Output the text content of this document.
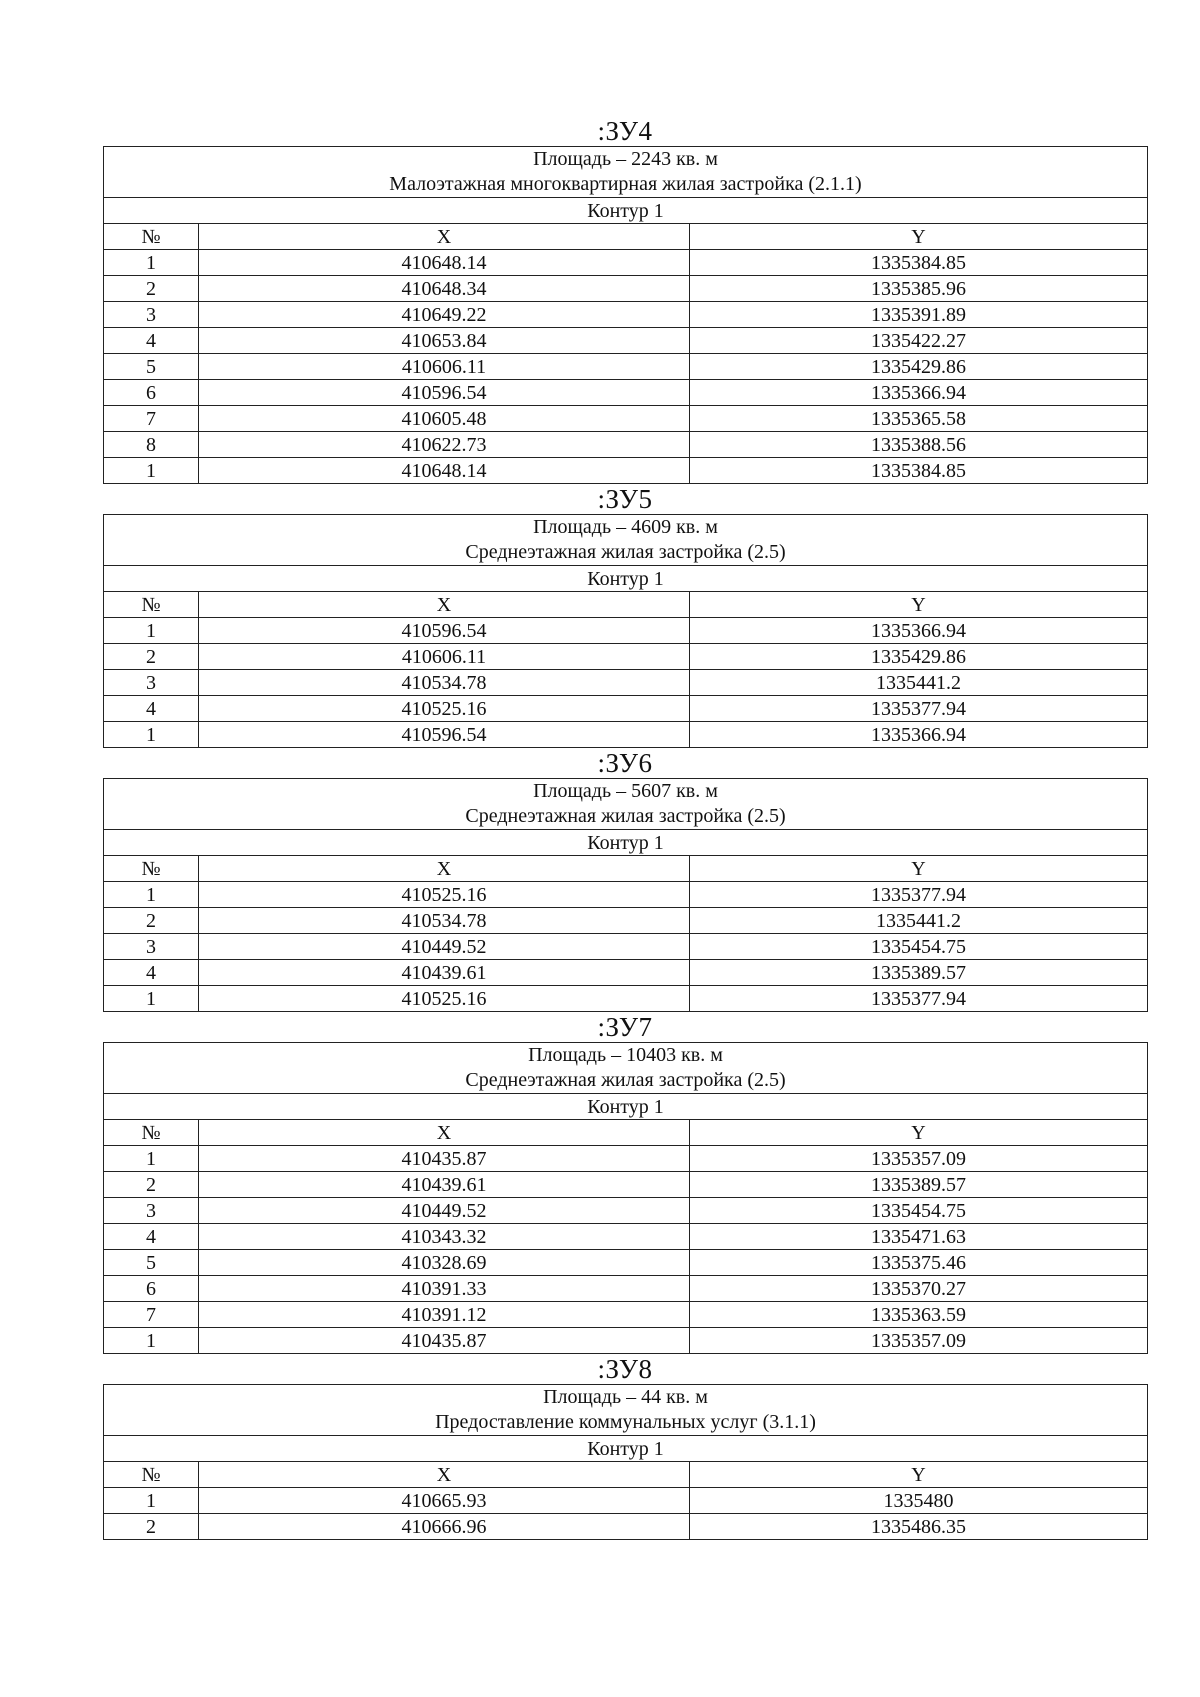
:ЗУ4
Площадь – 2243 кв. м
Малоэтажная многоквартирная жилая застройка (2.1.1)		

Контур 1		
№	X	Y
1	410648.14	1335384.85
2	410648.34	1335385.96
3	410649.22	1335391.89
4	410653.84	1335422.27
5	410606.11	1335429.86
6	410596.54	1335366.94
7	410605.48	1335365.58
8	410622.73	1335388.56
1	410648.14	1335384.85
:ЗУ5
Площадь – 4609 кв. м
Среднеэтажная жилая застройка (2.5)		

Контур 1		
№	X	Y
1	410596.54	1335366.94
2	410606.11	1335429.86
3	410534.78	1335441.2
4	410525.16	1335377.94
1	410596.54	1335366.94
:ЗУ6
Площадь – 5607 кв. м
Среднеэтажная жилая застройка (2.5)		

Контур 1		
№	X	Y
1	410525.16	1335377.94
2	410534.78	1335441.2
3	410449.52	1335454.75
4	410439.61	1335389.57
1	410525.16	1335377.94
:ЗУ7
Площадь – 10403 кв. м
Среднеэтажная жилая застройка (2.5)		

Контур 1		
№	X	Y
1	410435.87	1335357.09
2	410439.61	1335389.57
3	410449.52	1335454.75
4	410343.32	1335471.63
5	410328.69	1335375.46
6	410391.33	1335370.27
7	410391.12	1335363.59
1	410435.87	1335357.09
:ЗУ8
Площадь – 44 кв. м
Предоставление коммунальных услуг (3.1.1)		

Контур 1		
№	X	Y
1	410665.93	1335480
2	410666.96	1335486.35
